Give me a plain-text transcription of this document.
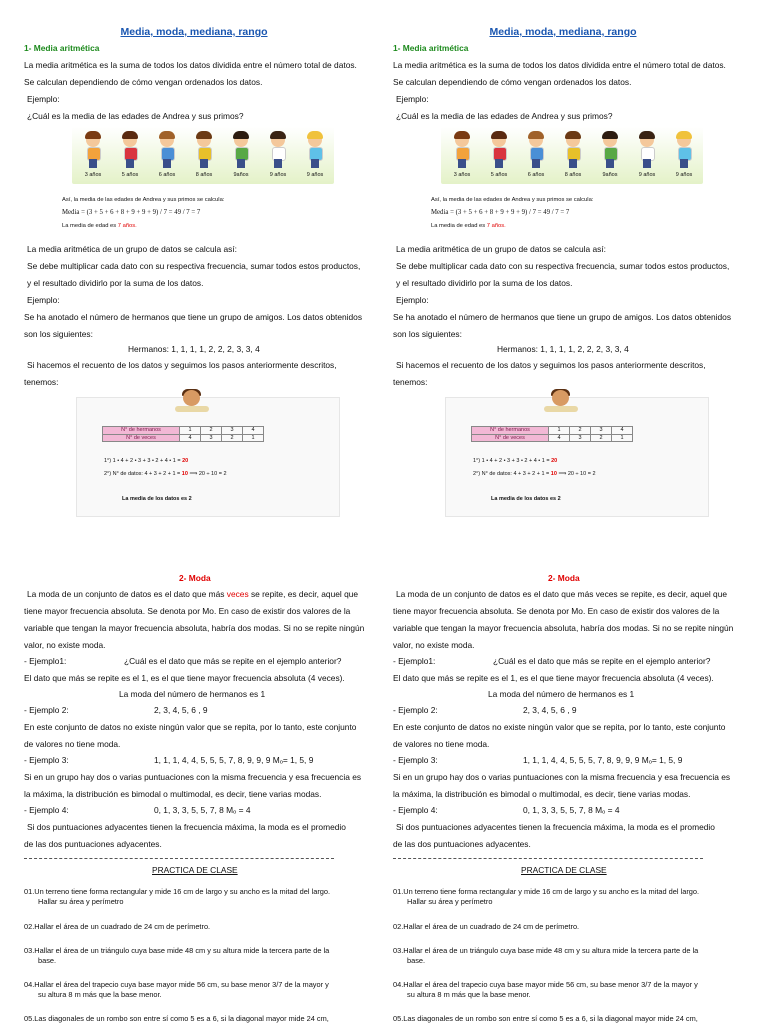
Media, moda, mediana, rango
1- Media aritmética
La media aritmética es la suma de todos los datos dividida entre el número total de datos.
Se calculan dependiendo de cómo vengan ordenados los datos.
Ejemplo:
¿Cuál es la media de las edades de Andrea y sus primos?
3 años	5 años	6 años	8 años	9años	9 años	9 años
Así, la media de las edades de Andrea y sus primos se calcula:
Media = (3 + 5 + 6 + 8 + 9 + 9 + 9) / 7 = 49 / 7 = 7
La media de edad es 7 años.
La media aritmética de un grupo de datos se calcula así:
Se debe multiplicar cada dato con su respectiva frecuencia, sumar todos estos productos,
y el resultado dividirlo por la suma de los datos.
Ejemplo:
Se ha anotado el número de hermanos que tiene un grupo de amigos. Los datos obtenidos
son los siguientes:
Hermanos: 1, 1, 1, 1, 2, 2, 2, 3, 3, 4
Si hacemos el recuento de los datos y seguimos los pasos anteriormente descritos,
tenemos:
N° de hermanos	1	2	3	4
N° de veces	4	3	2	1
1°) 1 • 4 + 2 • 3 + 3 • 2 + 4 • 1 = 20
2°) N° de datos: 4 + 3 + 2 + 1 = 10 ⟹ 20 ÷ 10 = 2
La media de los datos es 2
2- Moda
La moda de un conjunto de datos es el dato que más veces se repite, es decir, aquel que
tiene mayor frecuencia absoluta. Se denota por Mo. En caso de existir dos valores de la
variable que tengan la mayor frecuencia absoluta, habría dos modas. Si no se repite ningún
valor, no existe moda.
- Ejemplo1:	¿Cuál es el dato que más se repite en el ejemplo anterior?
El dato que más se repite es el 1, es el que tiene mayor frecuencia absoluta (4 veces).
La moda del número de hermanos es 1
- Ejemplo 2:	2, 3, 4, 5, 6 , 9
En este conjunto de datos no existe ningún valor que se repita, por lo tanto, este conjunto
de valores no tiene moda.
- Ejemplo 3:	1, 1, 1, 4, 4, 5, 5, 5, 7, 8, 9, 9, 9 Mₒ= 1, 5, 9
Si en un grupo hay dos o varias puntuaciones con la misma frecuencia y esa frecuencia es
la máxima, la distribución es bimodal o multimodal, es decir, tiene varias modas.
- Ejemplo 4:	0, 1, 3, 3, 5, 5, 7, 8 Mₒ = 4
Si dos puntuaciones adyacentes tienen la frecuencia máxima, la moda es el promedio
de las dos puntuaciones adyacentes.
PRACTICA DE CLASE
01.Un terreno tiene forma rectangular y mide 16 cm de largo y su ancho es la mitad del largo.
Hallar su área y perímetro
02.Hallar el área de un cuadrado de 24 cm de perímetro.
03.Hallar el área de un triángulo cuya base mide 48 cm y su altura mide la tercera parte de la
base.
04.Hallar el área del trapecio cuya base mayor mide 56 cm, su base menor 3/7 de la mayor y
su altura 8 m más que la base menor.
05.Las diagonales de un rombo son entre sí como 5 es a 6, si la diagonal mayor mide 24 cm,
Media, moda, mediana, rango
1- Media aritmética
La media aritmética es la suma de todos los datos dividida entre el número total de datos.
Se calculan dependiendo de cómo vengan ordenados los datos.
Ejemplo:
¿Cuál es la media de las edades de Andrea y sus primos?
3 años	5 años	6 años	8 años	9años	9 años	9 años
Así, la media de las edades de Andrea y sus primos se calcula:
Media = (3 + 5 + 6 + 8 + 9 + 9 + 9) / 7 = 49 / 7 = 7
La media de edad es 7 años.
La media aritmética de un grupo de datos se calcula así:
Se debe multiplicar cada dato con su respectiva frecuencia, sumar todos estos productos,
y el resultado dividirlo por la suma de los datos.
Ejemplo:
Se ha anotado el número de hermanos que tiene un grupo de amigos. Los datos obtenidos
son los siguientes:
Hermanos: 1, 1, 1, 1, 2, 2, 2, 3, 3, 4
Si hacemos el recuento de los datos y seguimos los pasos anteriormente descritos,
tenemos:
N° de hermanos	1	2	3	4
N° de veces	4	3	2	1
1°) 1 • 4 + 2 • 3 + 3 • 2 + 4 • 1 = 20
2°) N° de datos: 4 + 3 + 2 + 1 = 10 ⟹ 20 ÷ 10 = 2
La media de los datos es 2
2- Moda
La moda de un conjunto de datos es el dato que más veces se repite, es decir, aquel que
tiene mayor frecuencia absoluta. Se denota por Mo. En caso de existir dos valores de la
variable que tengan la mayor frecuencia absoluta, habría dos modas. Si no se repite ningún
valor, no existe moda.
- Ejemplo1:	¿Cuál es el dato que más se repite en el ejemplo anterior?
El dato que más se repite es el 1, es el que tiene mayor frecuencia absoluta (4 veces).
La moda del número de hermanos es 1
- Ejemplo 2:	2, 3, 4, 5, 6 , 9
En este conjunto de datos no existe ningún valor que se repita, por lo tanto, este conjunto
de valores no tiene moda.
- Ejemplo 3:	1, 1, 1, 4, 4, 5, 5, 5, 7, 8, 9, 9, 9 Mₒ= 1, 5, 9
Si en un grupo hay dos o varias puntuaciones con la misma frecuencia y esa frecuencia es
la máxima, la distribución es bimodal o multimodal, es decir, tiene varias modas.
- Ejemplo 4:	0, 1, 3, 3, 5, 5, 7, 8 Mₒ = 4
Si dos puntuaciones adyacentes tienen la frecuencia máxima, la moda es el promedio
de las dos puntuaciones adyacentes.
PRACTICA DE CLASE
01.Un terreno tiene forma rectangular y mide 16 cm de largo y su ancho es la mitad del largo.
Hallar su área y perímetro
02.Hallar el área de un cuadrado de 24 cm de perímetro.
03.Hallar el área de un triángulo cuya base mide 48 cm y su altura mide la tercera parte de la
base.
04.Hallar el área del trapecio cuya base mayor mide 56 cm, su base menor 3/7 de la mayor y
su altura 8 m más que la base menor.
05.Las diagonales de un rombo son entre sí como 5 es a 6, si la diagonal mayor mide 24 cm,
